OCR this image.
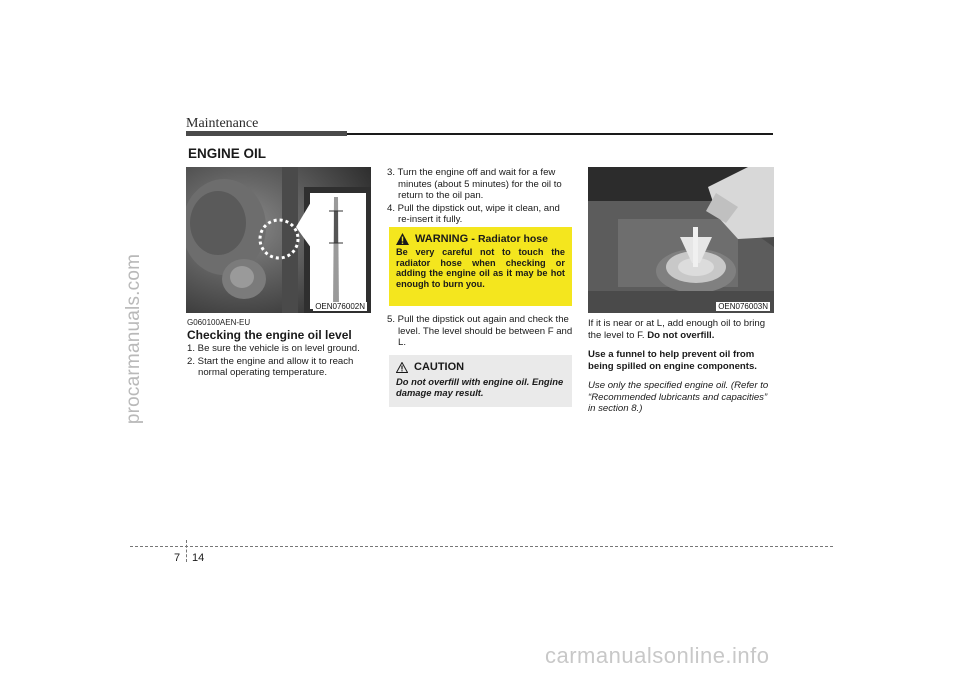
procarmanuals.com
Maintenance
ENGINE OIL
OEN076002N
G060100AEN-EU
Checking the engine oil level

1. Be sure the vehicle is on level ground.

2. Start the engine and allow it to reach normal operating temperature.

3. Turn the engine off and wait for a few minutes (about 5 minutes) for the oil to return to the oil pan.

4. Pull the dipstick out, wipe it clean, and re-insert it fully.

WARNING - Radiator hose
Be very careful not to touch the radiator hose when checking or adding the engine oil as it may be hot enough to burn you.

5. Pull the dipstick out again and check the level. The level should be between F and L.

CAUTION
Do not overfill with engine oil. Engine damage may result.
OEN076003N

If it is near or at L, add enough oil to bring the level to F. Do not overfill.

Use a funnel to help prevent oil from being spilled on engine components.

Use only the specified engine oil. (Refer to “Recommended lubricants and capacities” in section 8.)

7 14
carmanualsonline.info
